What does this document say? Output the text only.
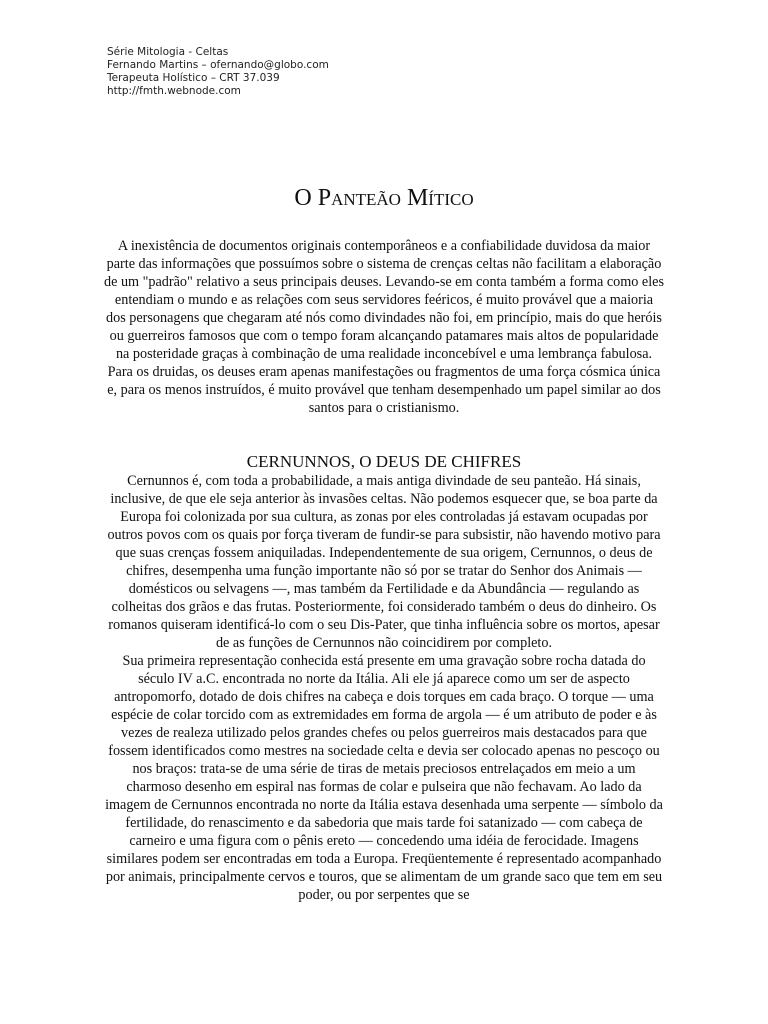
Série Mitologia - Celtas
Fernando Martins – ofernando@globo.com
Terapeuta Holístico – CRT 37.039
http://fmth.webnode.com
O Panteão Mítico
A inexistência de documentos originais contemporâneos e a confiabilidade duvidosa da maior parte das informações que possuímos sobre o sistema de crenças celtas não facilitam a elaboração de um "padrão" relativo a seus principais deuses. Levando-se em conta também a forma como eles entendiam o mundo e as relações com seus servidores feéricos, é muito provável que a maioria dos personagens que chegaram até nós como divindades não foi, em princípio, mais do que heróis ou guerreiros famosos que com o tempo foram alcançando patamares mais altos de popularidade na posteridade graças à combinação de uma realidade inconcebível e uma lembrança fabulosa. Para os druidas, os deuses eram apenas manifestações ou fragmentos de uma força cósmica única e, para os menos instruídos, é muito provável que tenham desempenhado um papel similar ao dos santos para o cristianismo.
CERNUNNOS, O DEUS DE CHIFRES

Cernunnos é, com toda a probabilidade, a mais antiga divindade de seu panteão. Há sinais, inclusive, de que ele seja anterior às invasões celtas. Não podemos esquecer que, se boa parte da Europa foi colonizada por sua cultura, as zonas por eles controladas já estavam ocupadas por outros povos com os quais por força tiveram de fundir-se para subsistir, não havendo motivo para que suas crenças fossem aniquiladas. Independentemente de sua origem, Cernunnos, o deus de chifres, desempenha uma função importante não só por se tratar do Senhor dos Animais — domésticos ou selvagens —, mas também da Fertilidade e da Abundância — regulando as colheitas dos grãos e das frutas. Posteriormente, foi considerado também o deus do dinheiro. Os romanos quiseram identificá-lo com o seu Dis-Pater, que tinha influência sobre os mortos, apesar de as funções de Cernunnos não coincidirem por completo.

Sua primeira representação conhecida está presente em uma gravação sobre rocha datada do século IV a.C. encontrada no norte da Itália. Ali ele já aparece como um ser de aspecto antropomorfo, dotado de dois chifres na cabeça e dois torques em cada braço. O torque — uma espécie de colar torcido com as extremidades em forma de argola — é um atributo de poder e às vezes de realeza utilizado pelos grandes chefes ou pelos guerreiros mais destacados para que fossem identificados como mestres na sociedade celta e devia ser colocado apenas no pescoço ou nos braços: trata-se de uma série de tiras de metais preciosos entrelaçados em meio a um charmoso desenho em espiral nas formas de colar e pulseira que não fechavam. Ao lado da imagem de Cernunnos encontrada no norte da Itália estava desenhada uma serpente — símbolo da fertilidade, do renascimento e da sabedoria que mais tarde foi satanizado — com cabeça de carneiro e uma figura com o pênis ereto — concedendo uma idéia de ferocidade. Imagens similares podem ser encontradas em toda a Europa. Freqüentemente é representado acompanhado por animais, principalmente cervos e touros, que se alimentam de um grande saco que tem em seu poder, ou por serpentes que se
